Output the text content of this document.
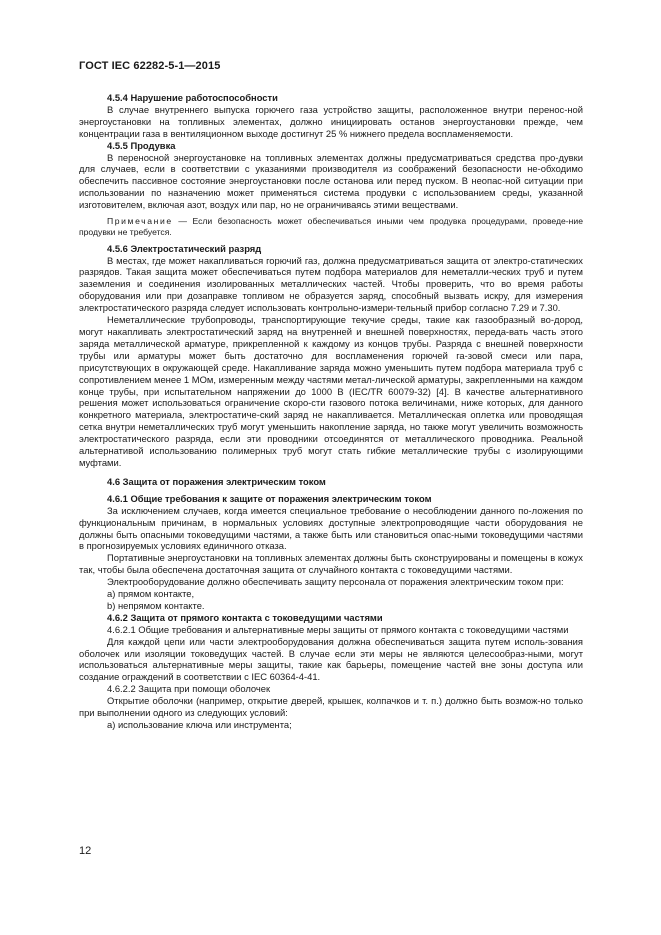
ГОСТ IEC 62282-5-1—2015

4.5.4 Нарушение работоспособности

В случае внутреннего выпуска горючего газа устройство защиты, расположенное внутри перенос-ной энергоустановки на топливных элементах, должно инициировать останов энергоустановки прежде, чем концентрации газа в вентиляционном выходе достигнут 25 % нижнего предела воспламеняемости.

4.5.5 Продувка

В переносной энергоустановке на топливных элементах должны предусматриваться средства про-дувки для случаев, если в соответствии с указаниями производителя из соображений безопасности не-обходимо обеспечить пассивное состояние энергоустановки после останова или перед пуском. В неопас-ной ситуации при использовании по назначению может применяться система продувки с использованием среды, указанной изготовителем, включая азот, воздух или пар, но не ограничиваясь этими веществами.

Примечание — Если безопасность может обеспечиваться иными чем продувка процедурами, проведе-ние продувки не требуется.

4.5.6 Электростатический разряд

В местах, где может накапливаться горючий газ, должна предусматриваться защита от электро-статических разрядов. Такая защита может обеспечиваться путем подбора материалов для неметалли-ческих труб и путем заземления и соединения изолированных металлических частей. Чтобы проверить, что во время работы оборудования или при дозаправке топливом не образуется заряд, способный вызвать искру, для измерения электростатического разряда следует использовать контрольно-измери-тельный прибор согласно 7.29 и 7.30.

Неметаллические трубопроводы, транспортирующие текучие среды, такие как газообразный во-дород, могут накапливать электростатический заряд на внутренней и внешней поверхностях, переда-вать часть этого заряда металлической арматуре, прикрепленной к каждому из концов трубы. Разряда с внешней поверхности трубы или арматуры может быть достаточно для воспламенения горючей га-зовой смеси или пара, присутствующих в окружающей среде. Накапливание заряда можно уменьшить путем подбора материала труб с сопротивлением менее 1 МОм, измеренным между частями метал-лической арматуры, закрепленными на каждом конце трубы, при испытательном напряжении до 1000 В (IEC/TR 60079-32) [4]. В качестве альтернативного решения может использоваться ограничение скоро-сти газового потока величинами, ниже которых, для данного конкретного материала, электростатиче-ский заряд не накапливается. Металлическая оплетка или проводящая сетка внутри неметаллических труб могут уменьшить накопление заряда, но также могут увеличить возможность электростатического разряда, если эти проводники отсоединятся от металлического проводника. Реальной альтернативой использованию полимерных труб могут стать гибкие металлические трубы с изолирующими муфтами.

4.6 Защита от поражения электрическим током

4.6.1 Общие требования к защите от поражения электрическим током

За исключением случаев, когда имеется специальное требование о несоблюдении данного по-ложения по функциональным причинам, в нормальных условиях доступные электропроводящие части оборудования не должны быть опасными токоведущими частями, а также быть или становиться опас-ными токоведущими частями в прогнозируемых условиях единичного отказа.

Портативные энергоустановки на топливных элементах должны быть сконструированы и помещены в кожух так, чтобы была обеспечена достаточная защита от случайного контакта с токоведущими частями.

Электрооборудование должно обеспечивать защиту персонала от поражения электрическим током при:

а) прямом контакте,

b) непрямом контакте.

4.6.2 Защита от прямого контакта с токоведущими частями

4.6.2.1 Общие требования и альтернативные меры защиты от прямого контакта с токоведущими частями

Для каждой цепи или части электрооборудования должна обеспечиваться защита путем исполь-зования оболочек или изоляции токоведущих частей. В случае если эти меры не являются целесообраз-ными, могут использоваться альтернативные меры защиты, такие как барьеры, помещение частей вне зоны доступа или создание ограждений в соответствии с IEC 60364-4-41.

4.6.2.2 Защита при помощи оболочек

Открытие оболочки (например, открытие дверей, крышек, колпачков и т. п.) должно быть возмож-но только при выполнении одного из следующих условий:

а) использование ключа или инструмента;

12
